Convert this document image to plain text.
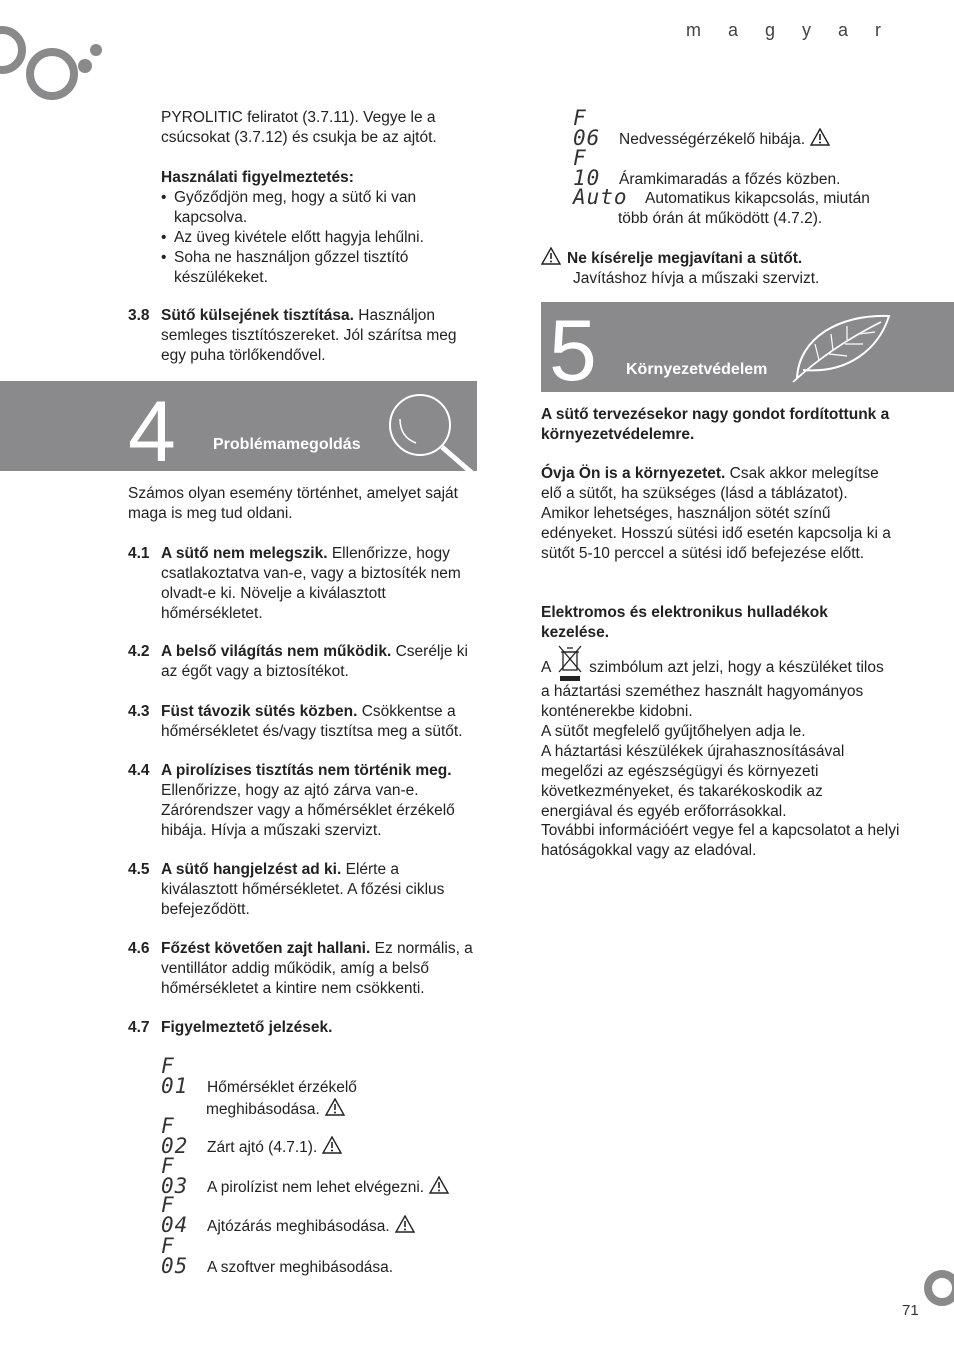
m a g y a r
71
PYROLITIC feliratot (3.7.11). Vegye le a csúcsokat (3.7.12) és csukja be az ajtót.
Használati figyelmeztetés:
• Győződjön meg, hogy a sütő ki van kapcsolva.
• Az üveg kivétele előtt hagyja lehűlni.
• Soha ne használjon gőzzel tisztító készülékeket.
3.8 Sütő külsejének tisztítása. Használjon semleges tisztítószereket. Jól szárítsa meg egy puha törlőkendővel.
4 Problémamegoldás
Számos olyan esemény történhet, amelyet saját maga is meg tud oldani.
4.1 A sütő nem melegszik. Ellenőrizze, hogy csatlakoztatva van-e, vagy a biztosíték nem olvadt-e ki. Növelje a kiválasztott hőmérsékletet.
4.2 A belső világítás nem működik. Cserélje ki az égőt vagy a biztosítékot.
4.3 Füst távozik sütés közben. Csökkentse a hőmérsékletet és/vagy tisztítsa meg a sütőt.
4.4 A pirolízises tisztítás nem történik meg. Ellenőrizze, hogy az ajtó zárva van-e. Zárórendszer vagy a hőmérséklet érzékelő hibája. Hívja a műszaki szervizt.
4.5 A sütő hangjelzést ad ki. Elérte a kiválasztott hőmérsékletet. A főzési ciklus befejeződött.
4.6 Főzést követően zajt hallani. Ez normális, a ventillátor addig működik, amíg a belső hőmérsékletet a kintire nem csökkenti.
4.7 Figyelmeztető jelzések.
F 01 Hőmérséklet érzékelő
meghibásodása.
F 02 Zárt ajtó (4.7.1).
F 03 A pirolízist nem lehet elvégezni.
F 04 Ajtózárás meghibásodása.
F 05 A szoftver meghibásodása.
F 06 Nedvességérzékelő hibája.
F 10 Áramkimaradás a főzés közben.
Auto Automatikus kikapcsolás, miután
több órán át működött (4.7.2).
Ne kísérelje megjavítani a sütőt.
Javításhoz hívja a műszaki szervizt.
5 Környezetvédelem
A sütő tervezésekor nagy gondot fordítottunk a környezetvédelemre.
Óvja Ön is a környezetet. Csak akkor melegítse elő a sütőt, ha szükséges (lásd a táblázatot). Amikor lehetséges, használjon sötét színű edényeket. Hosszú sütési idő esetén kapcsolja ki a sütőt 5-10 perccel a sütési idő befejezése előtt.
Elektromos és elektronikus hulladékok kezelése.
A  szimbólum azt jelzi, hogy a készüléket tilos a háztartási szeméthez használt hagyományos konténerekbe kidobni.
A sütőt megfelelő gyűjtőhelyen adja le.
A háztartási készülékek újrahasznosításával megelőzi az egészségügyi és környezeti következményeket, és takarékoskodik az energiával és egyéb erőforrásokkal.
További információért vegye fel a kapcsolatot a helyi hatóságokkal vagy az eladóval.
